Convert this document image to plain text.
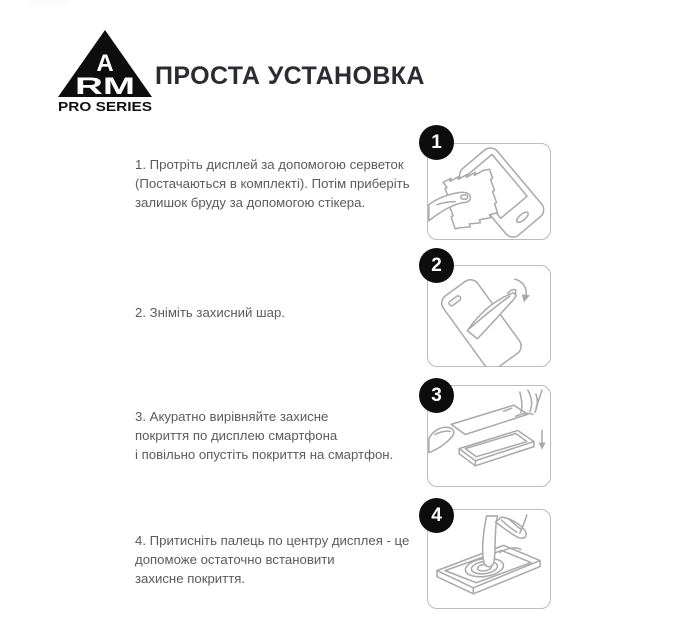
A
RM
PRO SERIES
ПРОСТА УСТАНОВКА

1. Протріть дисплей за допомогою серветок
(Постачаються в комплекті). Потім приберіть
залишок бруду за допомогою стікера.

2. Зніміть захисний шар.

3. Акуратно вирівняйте захисне
покриття по дисплею смартфона
і повільно опустіть покриття на смартфон.

4. Притисніть палець по центру дисплея - це
допоможе остаточно встановити
захисне покриття.

1
2
3
4
